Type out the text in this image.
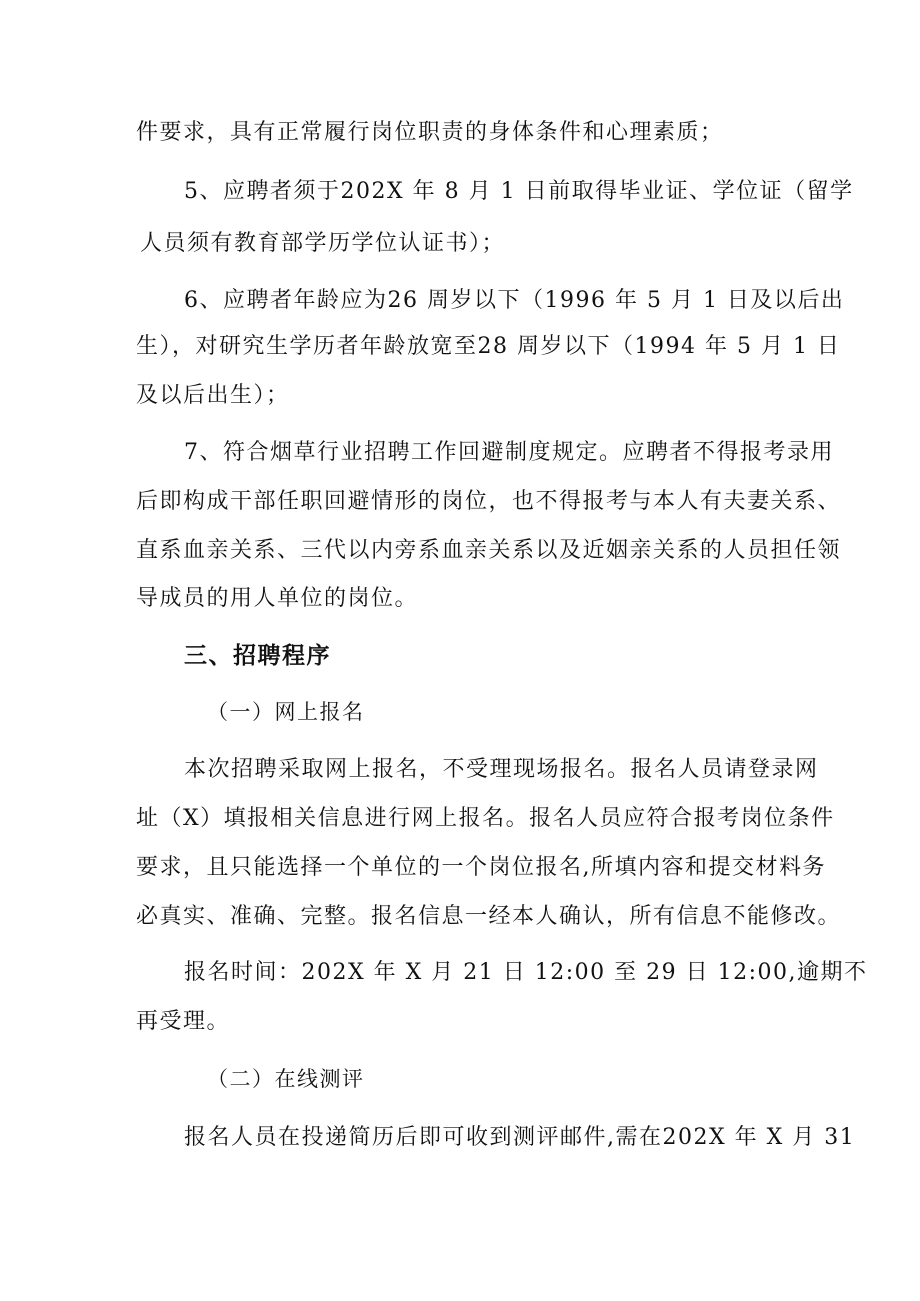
件要求，具有正常履行岗位职责的身体条件和心理素质；

5、应聘者须于202X 年 8 月 1 日前取得毕业证、学位证（留学

人员须有教育部学历学位认证书）；

6、应聘者年龄应为26 周岁以下（1996 年 5 月 1 日及以后出

生），对研究生学历者年龄放宽至28 周岁以下（1994 年 5 月 1 日

及以后出生）；

7、符合烟草行业招聘工作回避制度规定。应聘者不得报考录用

后即构成干部任职回避情形的岗位，也不得报考与本人有夫妻关系、

直系血亲关系、三代以内旁系血亲关系以及近姻亲关系的人员担任领

导成员的用人单位的岗位。

三、招聘程序

（一）网上报名

本次招聘采取网上报名，不受理现场报名。报名人员请登录网

址（X）填报相关信息进行网上报名。报名人员应符合报考岗位条件

要求，且只能选择一个单位的一个岗位报名,所填内容和提交材料务

必真实、准确、完整。报名信息一经本人确认，所有信息不能修改。

报名时间：202X 年 X 月 21 日 12:00 至 29 日 12:00,逾期不

再受理。

（二）在线测评

报名人员在投递简历后即可收到测评邮件,需在202X 年 X 月 31
